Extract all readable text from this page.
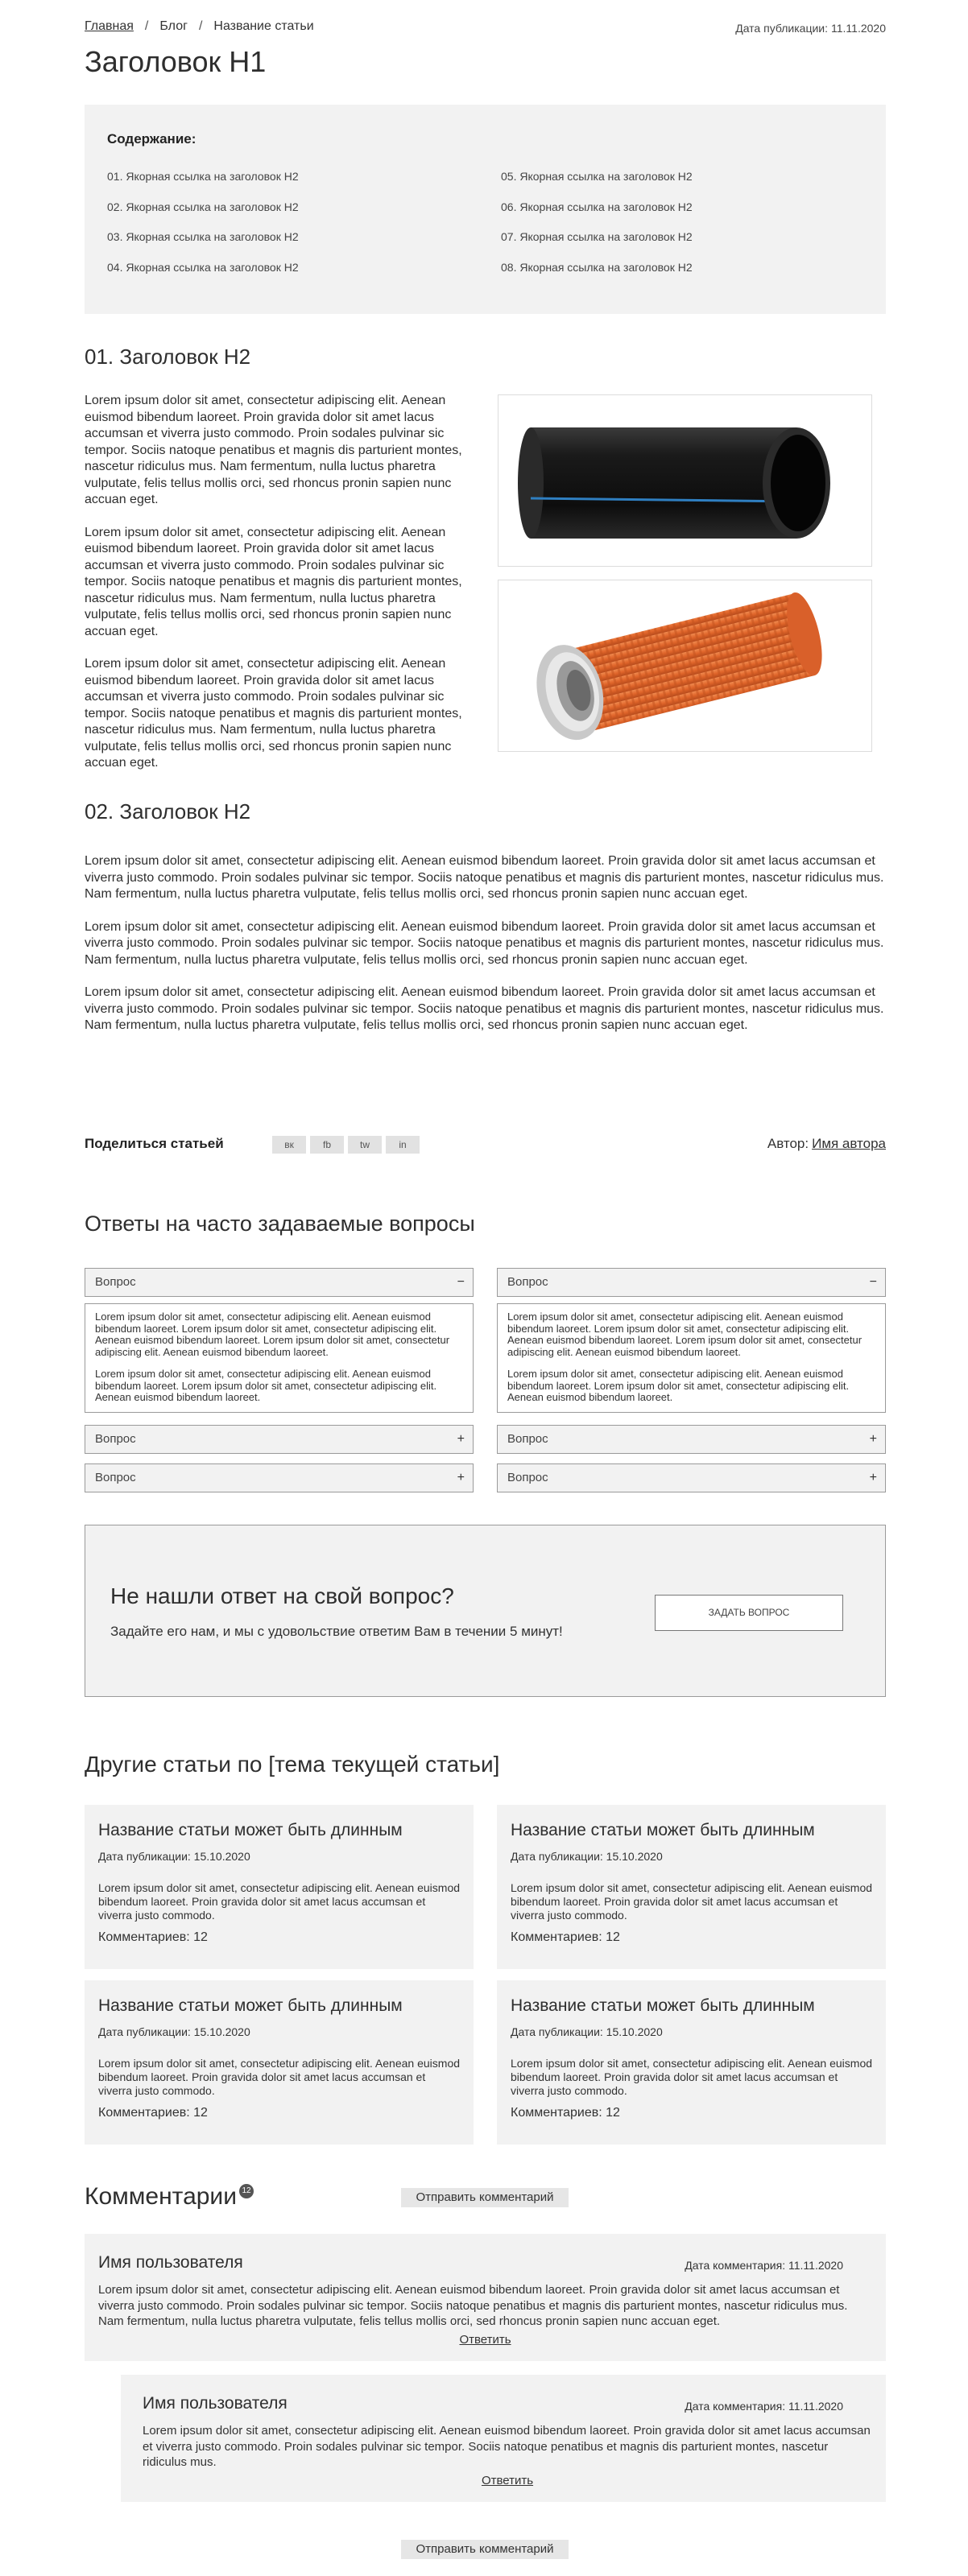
Главная / Блог / Название статьи	Дата публикации: 11.11.2020
Заголовок H1
Содержание:
01. Якорная ссылка на заголовок H2
02. Якорная ссылка на заголовок H2
03. Якорная ссылка на заголовок H2
04. Якорная ссылка на заголовок H2
05. Якорная ссылка на заголовок H2
06. Якорная ссылка на заголовок H2
07. Якорная ссылка на заголовок H2
08. Якорная ссылка на заголовок H2
01. Заголовок H2

Lorem ipsum dolor sit amet, consectetur adipiscing elit. Aenean euismod bibendum laoreet. Proin gravida dolor sit amet lacus accumsan et viverra justo commodo. Proin sodales pulvinar sic tempor. Sociis natoque penatibus et magnis dis parturient montes, nascetur ridiculus mus. Nam fermentum, nulla luctus pharetra vulputate, felis tellus mollis orci, sed rhoncus pronin sapien nunc accuan eget.

Lorem ipsum dolor sit amet, consectetur adipiscing elit. Aenean euismod bibendum laoreet. Proin gravida dolor sit amet lacus accumsan et viverra justo commodo. Proin sodales pulvinar sic tempor. Sociis natoque penatibus et magnis dis parturient montes, nascetur ridiculus mus. Nam fermentum, nulla luctus pharetra vulputate, felis tellus mollis orci, sed rhoncus pronin sapien nunc accuan eget.

Lorem ipsum dolor sit amet, consectetur adipiscing elit. Aenean euismod bibendum laoreet. Proin gravida dolor sit amet lacus accumsan et viverra justo commodo. Proin sodales pulvinar sic tempor. Sociis natoque penatibus et magnis dis parturient montes, nascetur ridiculus mus. Nam fermentum, nulla luctus pharetra vulputate, felis tellus mollis orci, sed rhoncus pronin sapien nunc accuan eget.

02. Заголовок H2

Lorem ipsum dolor sit amet, consectetur adipiscing elit. Aenean euismod bibendum laoreet. Proin gravida dolor sit amet lacus accumsan et viverra justo commodo. Proin sodales pulvinar sic tempor. Sociis natoque penatibus et magnis dis parturient montes, nascetur ridiculus mus. Nam fermentum, nulla luctus pharetra vulputate, felis tellus mollis orci, sed rhoncus pronin sapien nunc accuan eget.

Lorem ipsum dolor sit amet, consectetur adipiscing elit. Aenean euismod bibendum laoreet. Proin gravida dolor sit amet lacus accumsan et viverra justo commodo. Proin sodales pulvinar sic tempor. Sociis natoque penatibus et magnis dis parturient montes, nascetur ridiculus mus. Nam fermentum, nulla luctus pharetra vulputate, felis tellus mollis orci, sed rhoncus pronin sapien nunc accuan eget.

Lorem ipsum dolor sit amet, consectetur adipiscing elit. Aenean euismod bibendum laoreet. Proin gravida dolor sit amet lacus accumsan et viverra justo commodo. Proin sodales pulvinar sic tempor. Sociis natoque penatibus et magnis dis parturient montes, nascetur ridiculus mus. Nam fermentum, nulla luctus pharetra vulputate, felis tellus mollis orci, sed rhoncus pronin sapien nunc accuan eget.

Поделиться статьей	вк	fb	tw	in	Автор: Имя автора
Ответы на часто задаваемые вопросы
Вопрос	−

Lorem ipsum dolor sit amet, consectetur adipiscing elit. Aenean euismod bibendum laoreet. Lorem ipsum dolor sit amet, consectetur adipiscing elit. Aenean euismod bibendum laoreet. Lorem ipsum dolor sit amet, consectetur adipiscing elit. Aenean euismod bibendum laoreet.

Lorem ipsum dolor sit amet, consectetur adipiscing elit. Aenean euismod bibendum laoreet. Lorem ipsum dolor sit amet, consectetur adipiscing elit. Aenean euismod bibendum laoreet.

Вопрос	+
Вопрос	+
Вопрос	−

Lorem ipsum dolor sit amet, consectetur adipiscing elit. Aenean euismod bibendum laoreet. Lorem ipsum dolor sit amet, consectetur adipiscing elit. Aenean euismod bibendum laoreet. Lorem ipsum dolor sit amet, consectetur adipiscing elit. Aenean euismod bibendum laoreet.

Lorem ipsum dolor sit amet, consectetur adipiscing elit. Aenean euismod bibendum laoreet. Lorem ipsum dolor sit amet, consectetur adipiscing elit. Aenean euismod bibendum laoreet.

Вопрос	+
Вопрос	+
Не нашли ответ на свой вопрос?
Задайте его нам, и мы с удовольствие ответим Вам в течении 5 минут!
ЗАДАТЬ ВОПРОС
Другие статьи по [тема текущей статьи]
Название статьи может быть длинным
Дата публикации: 15.10.2020
Lorem ipsum dolor sit amet, consectetur adipiscing elit. Aenean euismod bibendum laoreet. Proin gravida dolor sit amet lacus accumsan et viverra justo commodo.
Комментариев: 12
Название статьи может быть длинным
Дата публикации: 15.10.2020
Lorem ipsum dolor sit amet, consectetur adipiscing elit. Aenean euismod bibendum laoreet. Proin gravida dolor sit amet lacus accumsan et viverra justo commodo.
Комментариев: 12
Название статьи может быть длинным
Дата публикации: 15.10.2020
Lorem ipsum dolor sit amet, consectetur adipiscing elit. Aenean euismod bibendum laoreet. Proin gravida dolor sit amet lacus accumsan et viverra justo commodo.
Комментариев: 12
Название статьи может быть длинным
Дата публикации: 15.10.2020
Lorem ipsum dolor sit amet, consectetur adipiscing elit. Aenean euismod bibendum laoreet. Proin gravida dolor sit amet lacus accumsan et viverra justo commodo.
Комментариев: 12
Комментарии 12	Отправить комментарий
Имя пользователя	Дата комментария: 11.11.2020
Lorem ipsum dolor sit amet, consectetur adipiscing elit. Aenean euismod bibendum laoreet. Proin gravida dolor sit amet lacus accumsan et viverra justo commodo. Proin sodales pulvinar sic tempor. Sociis natoque penatibus et magnis dis parturient montes, nascetur ridiculus mus. Nam fermentum, nulla luctus pharetra vulputate, felis tellus mollis orci, sed rhoncus pronin sapien nunc accuan eget.
Ответить
Имя пользователя	Дата комментария: 11.11.2020
Lorem ipsum dolor sit amet, consectetur adipiscing elit. Aenean euismod bibendum laoreet. Proin gravida dolor sit amet lacus accumsan et viverra justo commodo. Proin sodales pulvinar sic tempor. Sociis natoque penatibus et magnis dis parturient montes, nascetur ridiculus mus.
Ответить
Отправить комментарий
